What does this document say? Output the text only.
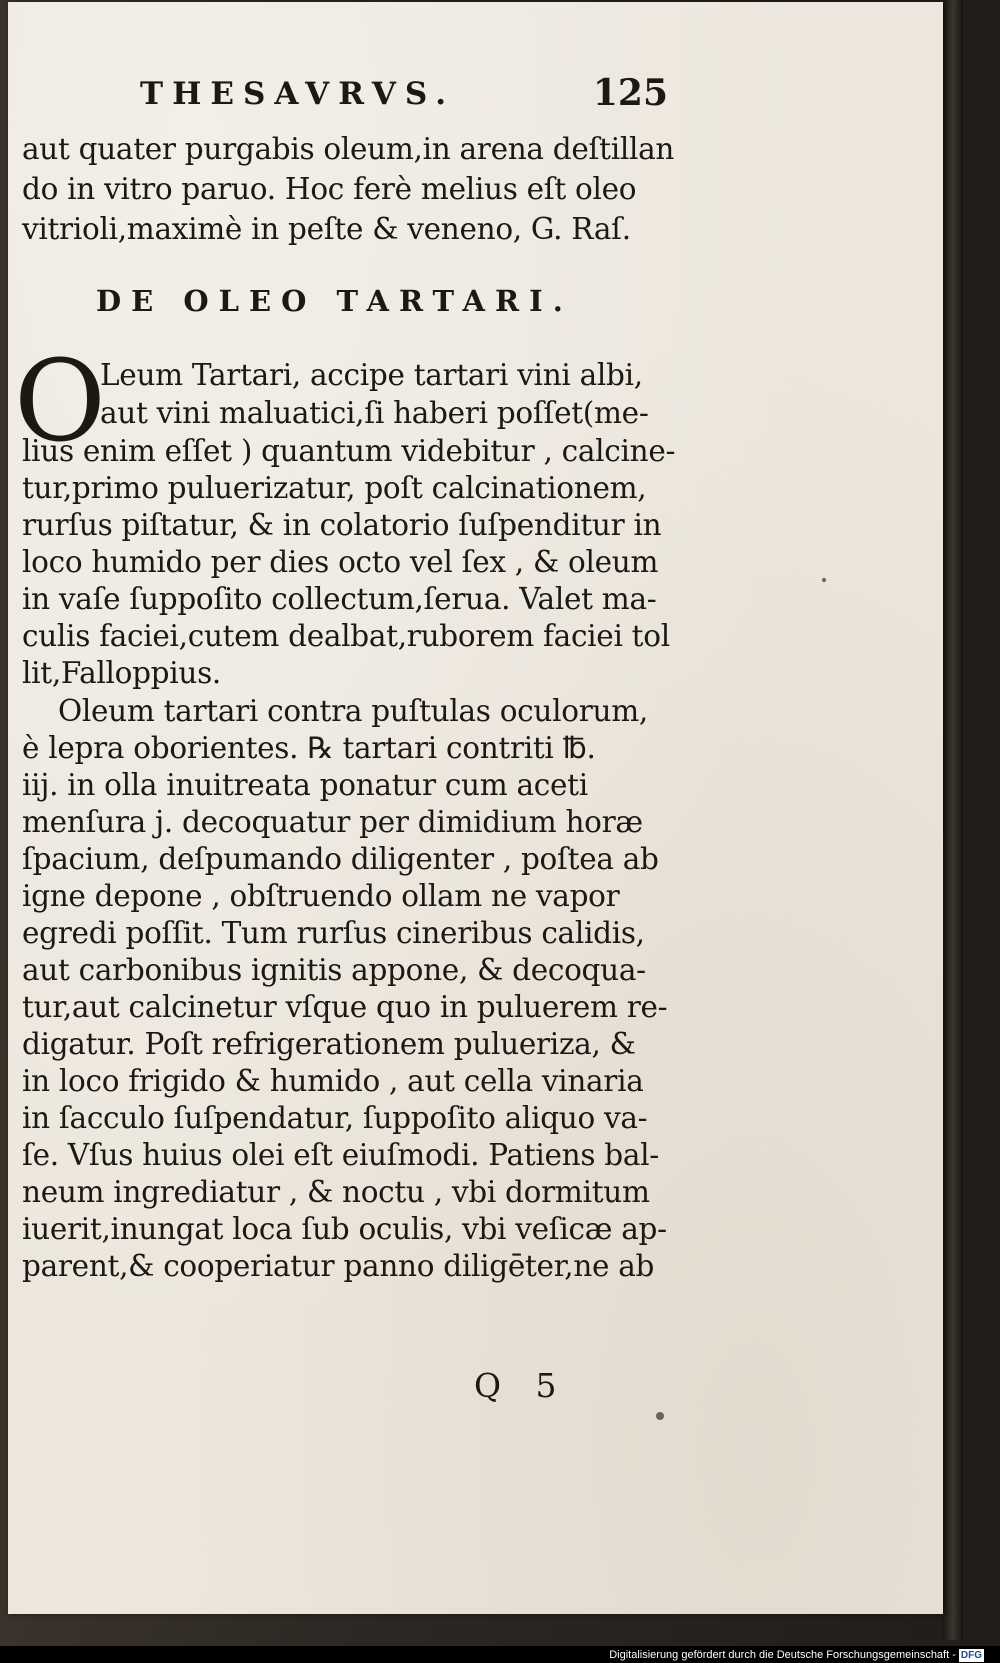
THESAVRVS.	125
aut quater purgabis oleum,in arena deſtillan
do in vitro paruo. Hoc ferè melius eſt oleo
vitrioli,maximè in peſte & veneno, G. Raſ.
DE OLEO TARTARI.
O
Leum Tartari, accipe tartari vini albi,
aut vini maluatici,ſi haberi poſſet(me-
lius enim eſſet ) quantum videbitur , calcine-
tur,primo puluerizatur, poſt calcinationem,
rurſus piſtatur, & in colatorio ſuſpenditur in
loco humido per dies octo vel ſex , & oleum
in vaſe ſuppoſito collectum,ſerua. Valet ma-
culis faciei,cutem dealbat,ruborem faciei tol
lit,Falloppius.
Oleum tartari contra puſtulas oculorum,
è lepra oborientes. ℞ tartari contriti ℔.
iij. in olla inuitreata ponatur cum aceti
menſura j. decoquatur per dimidium horæ
ſpacium, deſpumando diligenter , poſtea ab
igne depone , obſtruendo ollam ne vapor
egredi poſſit. Tum rurſus cineribus calidis,
aut carbonibus ignitis appone, & decoqua-
tur,aut calcinetur vſque quo in puluerem re-
digatur. Poſt refrigerationem pulueriza, &
in loco frigido & humido , aut cella vinaria
in ſacculo ſuſpendatur, ſuppoſito aliquo va-
ſe. Vſus huius olei eſt eiuſmodi. Patiens bal-
neum ingrediatur , & noctu , vbi dormitum
iuerit,inungat loca ſub oculis, vbi veſicæ ap-
parent,& cooperiatur panno diligēter,ne ab
Q 5
Digitalisierung gefördert durch die Deutsche Forschungsgemeinschaft - DFG
